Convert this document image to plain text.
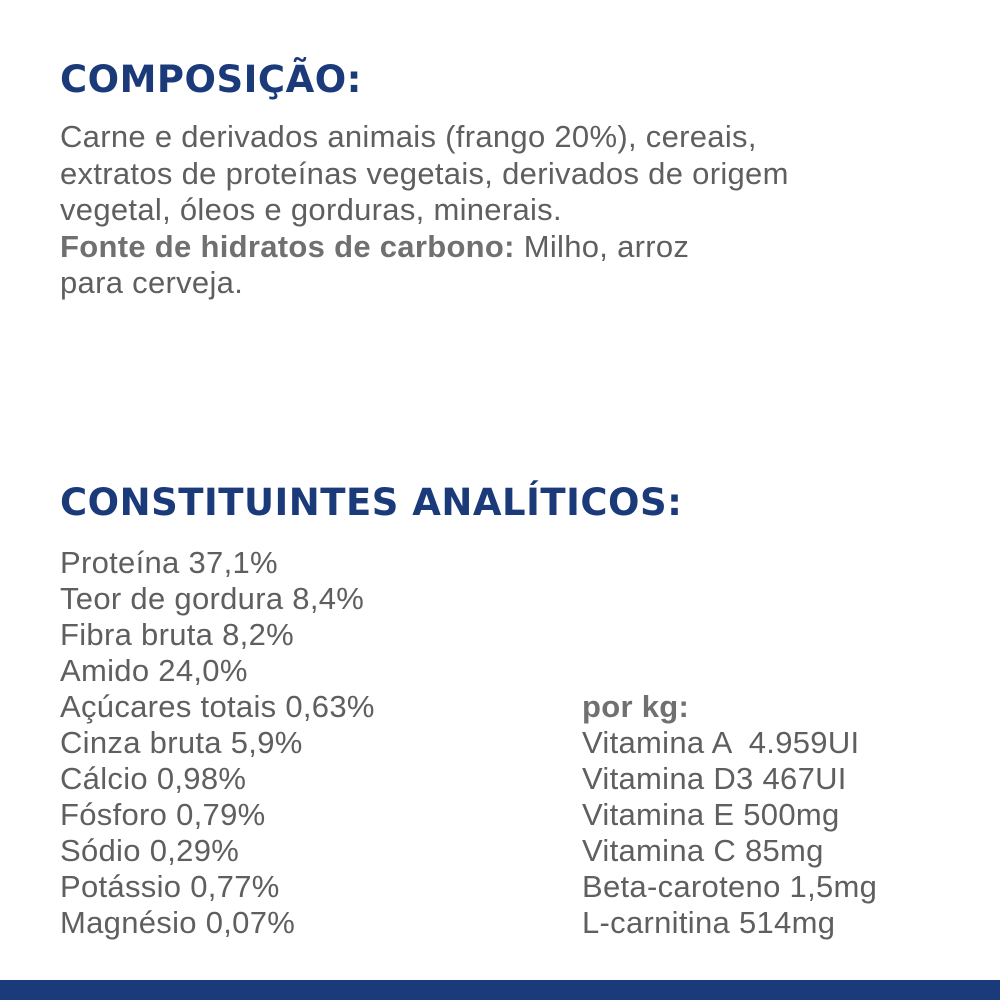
COMPOSIÇÃO:

Carne e derivados animais (frango 20%), cereais,
extratos de proteínas vegetais, derivados de origem
vegetal, óleos e gorduras, minerais.
Fonte de hidratos de carbono: Milho, arroz
para cerveja.

CONSTITUINTES ANALÍTICOS:
Proteína 37,1%
Teor de gordura 8,4%
Fibra bruta 8,2%
Amido 24,0%
Açúcares totais 0,63%
Cinza bruta 5,9%
Cálcio 0,98%
Fósforo 0,79%
Sódio 0,29%
Potássio 0,77%
Magnésio 0,07%
por kg:
Vitamina A  4.959UI
Vitamina D3 467UI
Vitamina E 500mg
Vitamina C 85mg
Beta-caroteno 1,5mg
L-carnitina 514mg
